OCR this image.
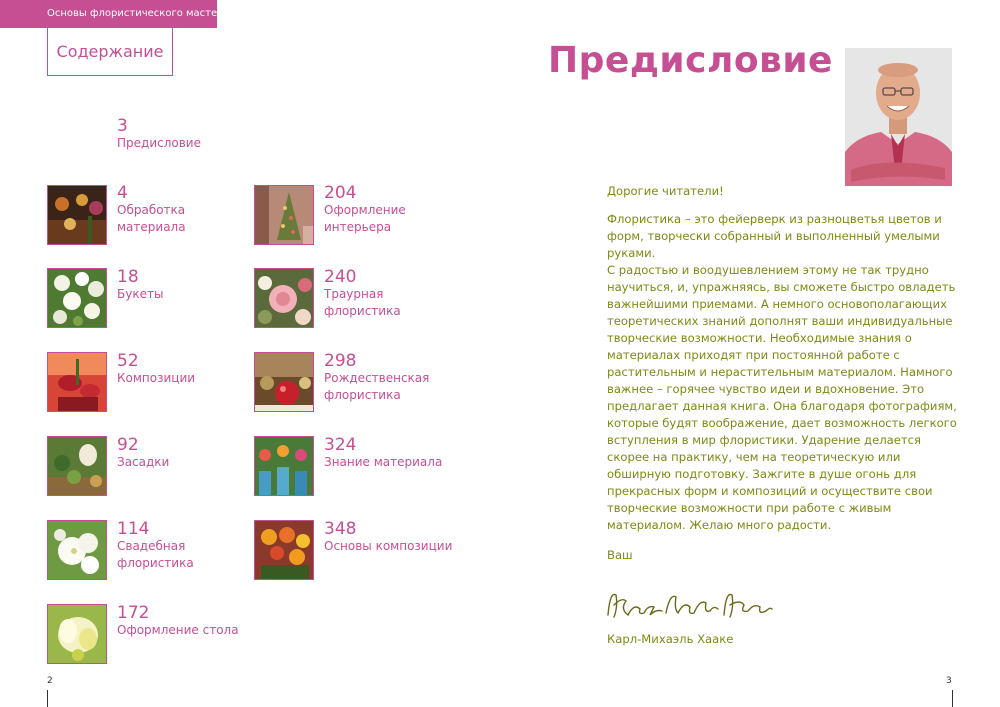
Основы флористического мастерства
Содержание
3
Предисловие
4
Обработка материала
18
Букеты
52
Композиции
92
Засадки
114
Свадебная флористика
172
Оформление стола
204
Оформление интерьера
240
Траурная флористика
298
Рождественская флористика
324
Знание материала
348
Основы композиции
Предисловие
Дорогие читатели!

Флористика – это фейерверк из разноцветья цветов и форм, творчески собранный и выполненный умелыми руками.

С радостью и воодушевлением этому не так трудно научиться, и, упражняясь, вы сможете быстро овладеть важнейшими приемами. А немного основополагающих теоретических знаний дополнят ваши индивидуальные творческие возможности. Необходимые знания о материалах приходят при постоянной работе с растительным и нерастительным материалом. Намного важнее – горячее чувство идеи и вдохновение. Это предлагает данная книга. Она благодаря фотографиям, которые будят воображение, дает возможность легкого вступления в мир флористики. Ударение делается скорее на практику, чем на теоретическую или обширную подготовку. Зажгите в душе огонь для прекрасных форм и композиций и осуществите свои творческие возможности при работе с живым материалом. Желаю много радости.

Ваш
Карл-Михаэль Хааке
2	3
